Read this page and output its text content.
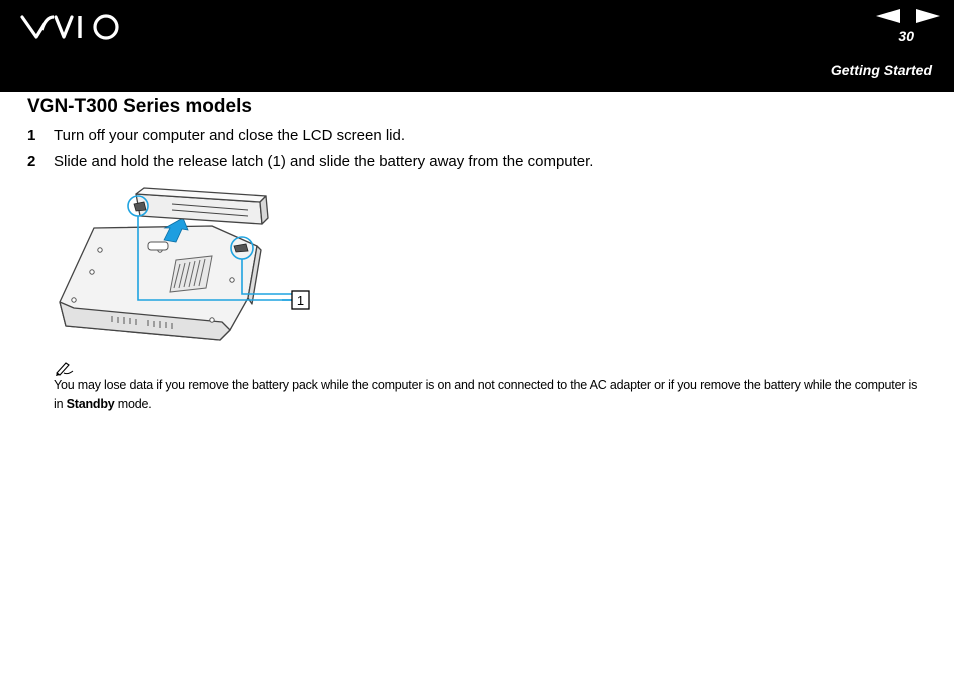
30
Getting Started
VGN-T300 Series models
1 Turn off your computer and close the LCD screen lid.
2 Slide and hold the release latch (1) and slide the battery away from the computer.
1

You may lose data if you remove the battery pack while the computer is on and not connected to the AC adapter or if you remove the battery while the computer is in Standby mode.
